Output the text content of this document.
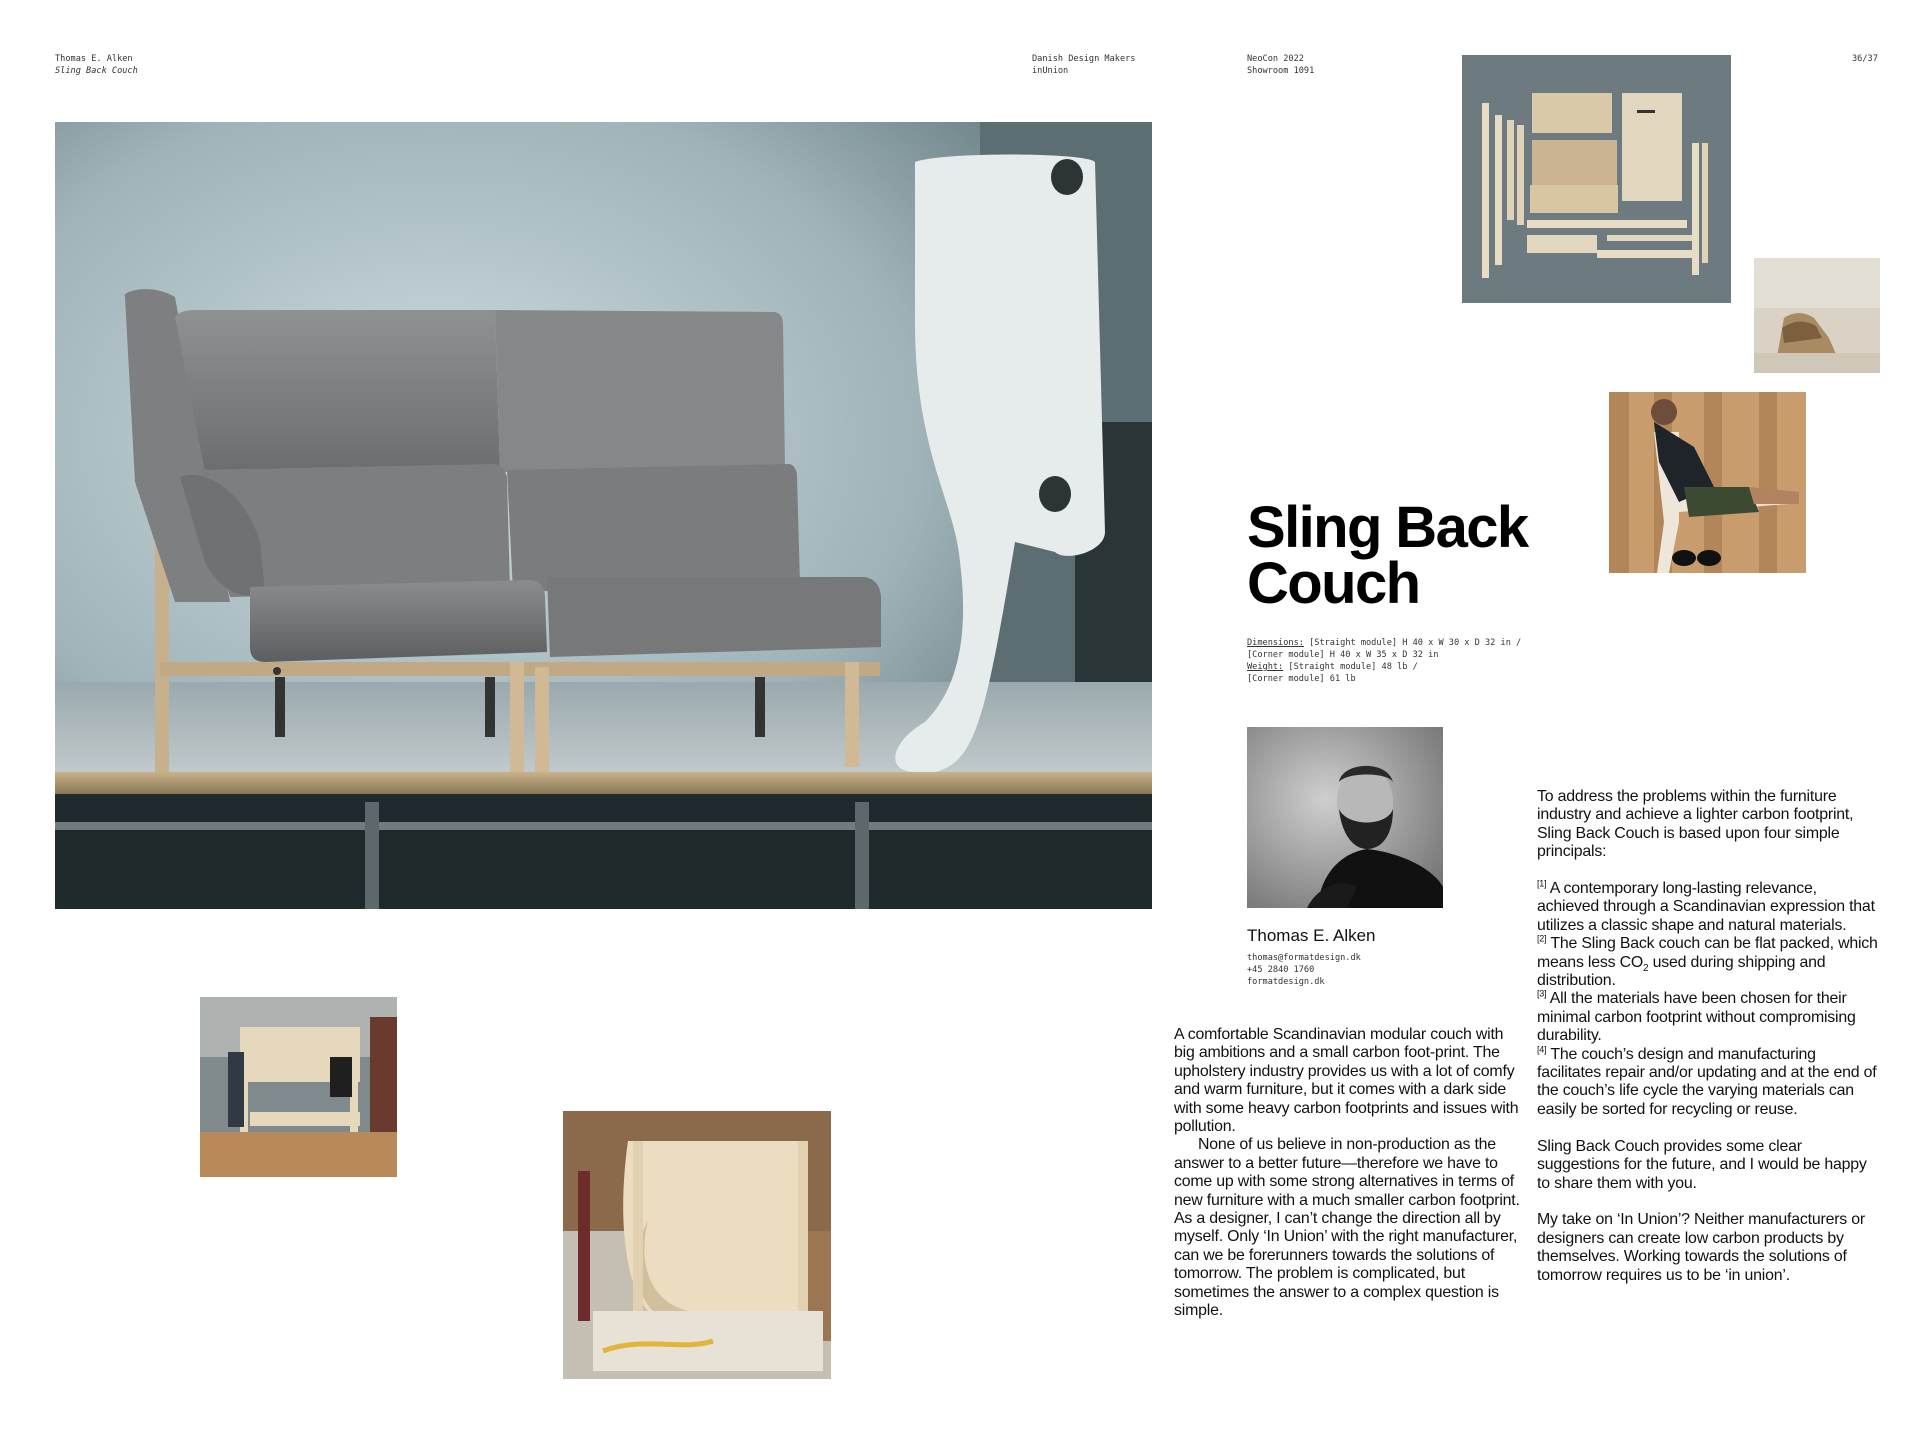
Thomas E. Alken
Sling Back Couch
Danish Design Makers
inUnion
NeoCon 2022
Showroom 1091
36/37
Sling Back
Couch
Dimensions: [Straight module] H 40 x W 30 x D 32 in /
[Corner module] H 40 x W 35 x D 32 in
Weight: [Straight module] 48 lb /
[Corner module] 61 lb
Thomas E. Alken
thomas@formatdesign.dk
+45 2840 1760
formatdesign.dk

A comfortable Scandinavian modular couch with big ambitions and a small carbon foot-print. The upholstery industry provides us with a lot of comfy and warm furniture, but it comes with a dark side with some heavy carbon footprints and issues with pollution.

None of us believe in non-production as the answer to a better future—therefore we have to come up with some strong alternatives in terms of new furniture with a much smaller carbon footprint. As a designer, I can’t change the direction all by myself. Only ‘In Union’ with the right manufacturer, can we be forerunners towards the solutions of tomorrow. The problem is complicated, but sometimes the answer to a complex question is simple.

To address the problems within the furniture industry and achieve a lighter carbon footprint, Sling Back Couch is based upon four simple principals:

[1] A contemporary long-lasting relevance, achieved through a Scandinavian expression that utilizes a classic shape and natural materials.

[2] The Sling Back couch can be flat packed, which means less $CO_2$ used during shipping and distribution.

[3] All the materials have been chosen for their minimal carbon footprint without compromising durability.

[4] The couch’s design and manufacturing facilitates repair and/or updating and at the end of the couch’s life cycle the varying materials can easily be sorted for recycling or reuse.

Sling Back Couch provides some clear suggestions for the future, and I would be happy to share them with you.

My take on ‘In Union’? Neither manufacturers or designers can create low carbon products by themselves. Working towards the solutions of tomorrow requires us to be ‘in union’.
